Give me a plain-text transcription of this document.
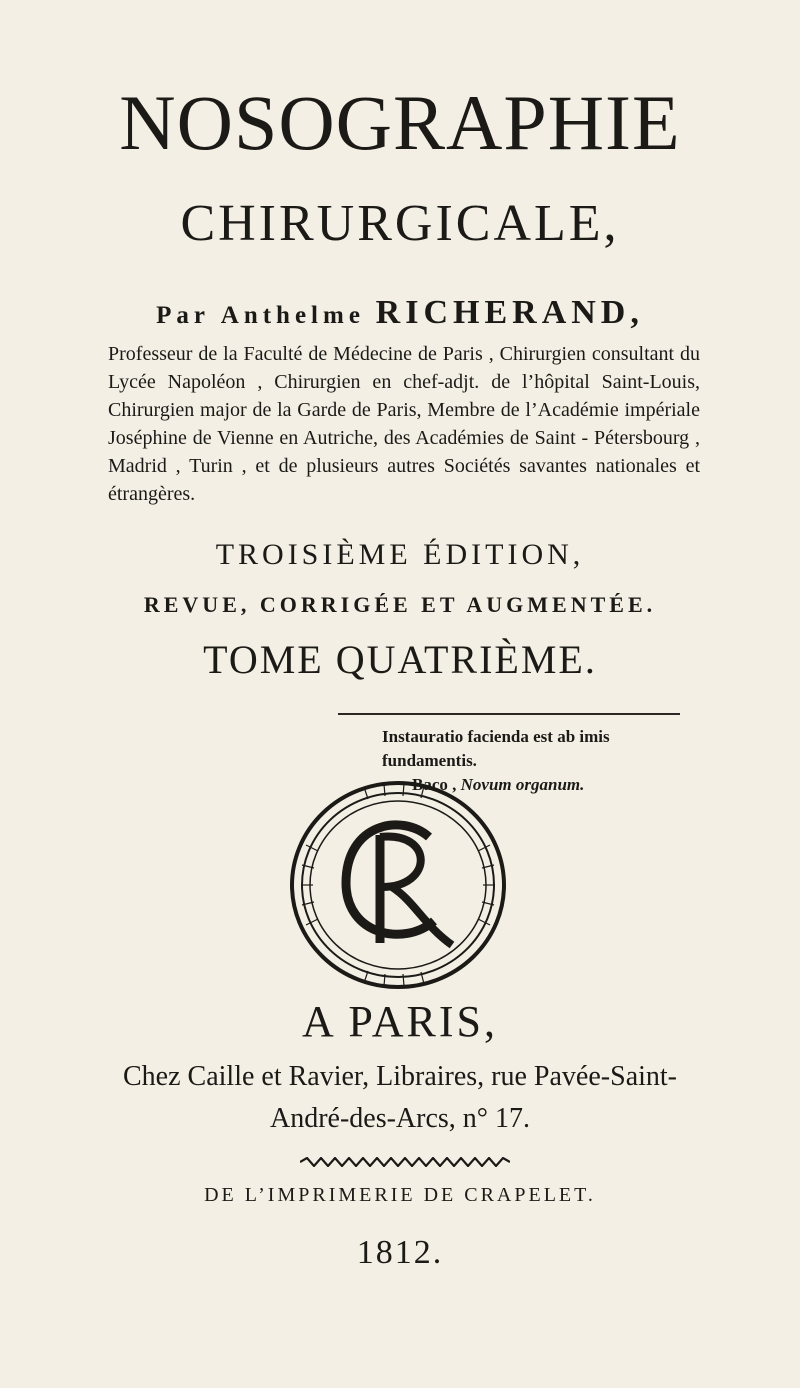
NOSOGRAPHIE
CHIRURGICALE,
Par Anthelme RICHERAND,
Professeur de la Faculté de Médecine de Paris , Chirurgien consultant du Lycée Napoléon , Chirurgien en chef-adjt. de l’hôpital Saint-Louis, Chirurgien major de la Garde de Paris, Membre de l’Académie impériale Joséphine de Vienne en Autriche, des Académies de Saint - Pétersbourg , Madrid , Turin , et de plusieurs autres Sociétés savantes nationales et étrangères.
TROISIÈME ÉDITION,
REVUE, CORRIGÉE ET AUGMENTÉE.
TOME QUATRIÈME.
Instauratio facienda est ab imis fundamentis.
Baco , Novum organum.
A PARIS,
Chez Caille et Ravier, Libraires, rue Pavée-Saint-
André-des-Arcs, n° 17.
DE L’IMPRIMERIE DE CRAPELET.
1812.
